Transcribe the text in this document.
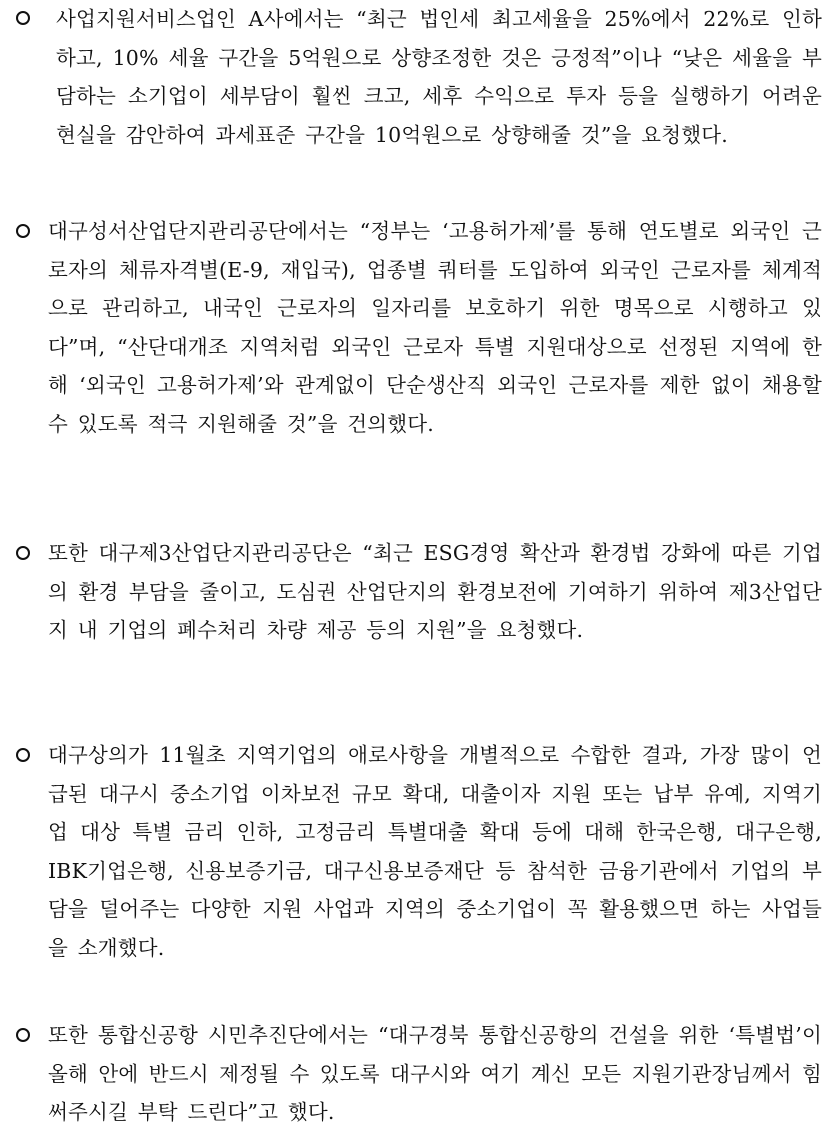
사업지원서비스업인 A사에서는 “최근 법인세 최고세율을 25%에서 22%로 인하하고, 10% 세율 구간을 5억원으로 상향조정한 것은 긍정적”이나 “낮은 세율을 부담하는 소기업이 세부담이 훨씬 크고, 세후 수익으로 투자 등을 실행하기 어려운 현실을 감안하여 과세표준 구간을 10억원으로 상향해줄 것”을 요청했다.
대구성서산업단지관리공단에서는 “정부는 ‘고용허가제’를 통해 연도별로 외국인 근로자의 체류자격별(E-9, 재입국), 업종별 쿼터를 도입하여 외국인 근로자를 체계적으로 관리하고, 내국인 근로자의 일자리를 보호하기 위한 명목으로 시행하고 있다”며, “산단대개조 지역처럼 외국인 근로자 특별 지원대상으로 선정된 지역에 한해 ‘외국인 고용허가제’와 관계없이 단순생산직 외국인 근로자를 제한 없이 채용할 수 있도록 적극 지원해줄 것”을 건의했다.
또한 대구제3산업단지관리공단은 “최근 ESG경영 확산과 환경법 강화에 따른 기업의 환경 부담을 줄이고, 도심권 산업단지의 환경보전에 기여하기 위하여 제3산업단지 내 기업의 폐수처리 차량 제공 등의 지원”을 요청했다.
대구상의가 11월초 지역기업의 애로사항을 개별적으로 수합한 결과, 가장 많이 언급된 대구시 중소기업 이차보전 규모 확대, 대출이자 지원 또는 납부 유예, 지역기업 대상 특별 금리 인하, 고정금리 특별대출 확대 등에 대해 한국은행, 대구은행, IBK기업은행, 신용보증기금, 대구신용보증재단 등 참석한 금융기관에서 기업의 부담을 덜어주는 다양한 지원 사업과 지역의 중소기업이 꼭 활용했으면 하는 사업들을 소개했다.
또한 통합신공항 시민추진단에서는 “대구경북 통합신공항의 건설을 위한 ‘특별법’이 올해 안에 반드시 제정될 수 있도록 대구시와 여기 계신 모든 지원기관장님께서 힘써주시길 부탁 드린다”고 했다.
